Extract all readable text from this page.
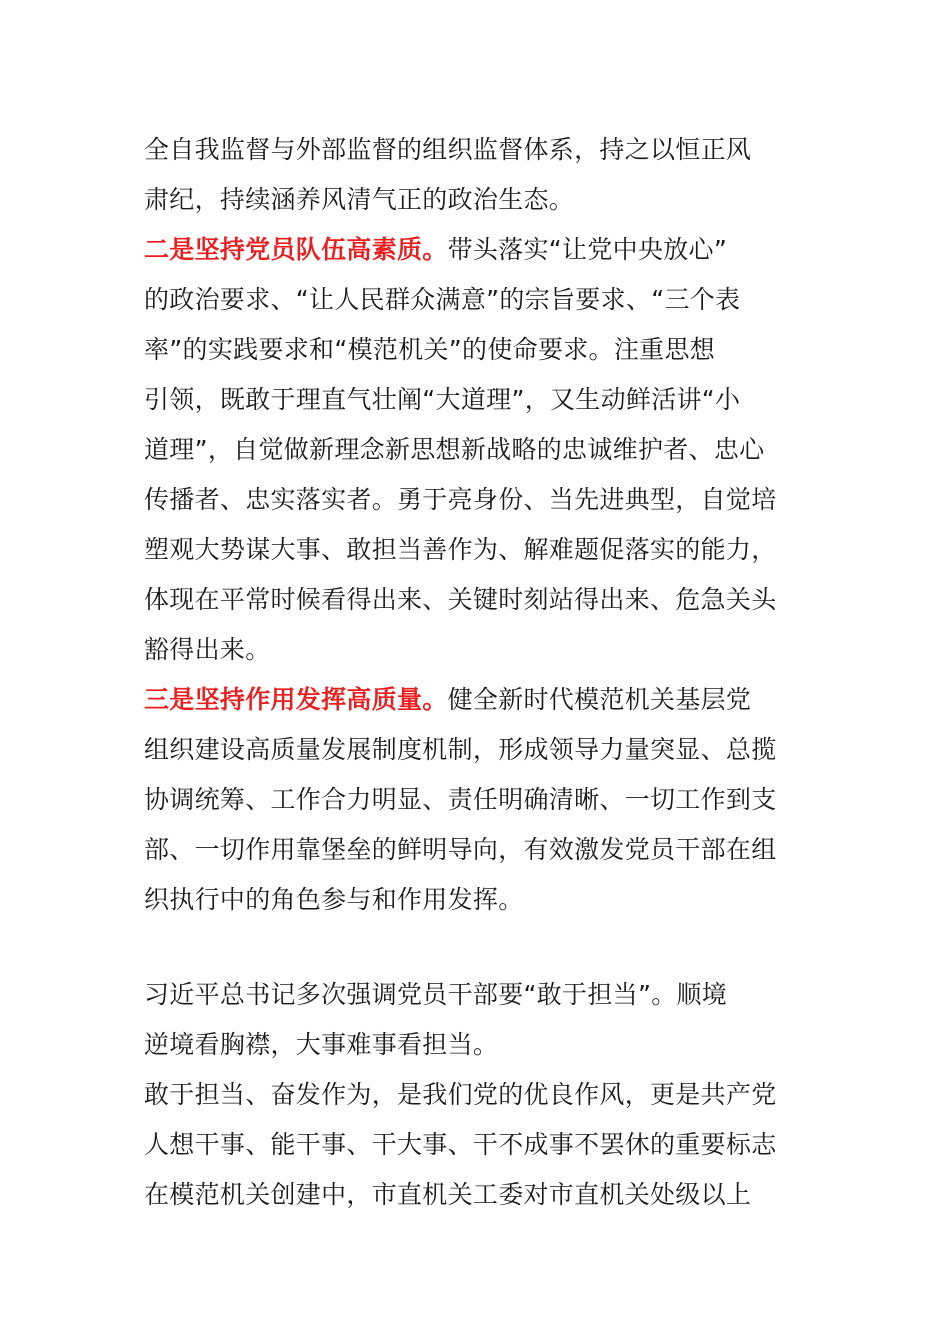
全自我监督与外部监督的组织监督体系，持之以恒正风
肃纪，持续涵养风清气正的政治生态。
二是坚持党员队伍高素质。带头落实“让党中央放心”
的政治要求、“让人民群众满意”的宗旨要求、“三个表
率”的实践要求和“模范机关”的使命要求。注重思想
引领，既敢于理直气壮阐“大道理”，又生动鲜活讲“小
道理”，自觉做新理念新思想新战略的忠诚维护者、忠心
传播者、忠实落实者。勇于亮身份、当先进典型，自觉培
塑观大势谋大事、敢担当善作为、解难题促落实的能力，
体现在平常时候看得出来、关键时刻站得出来、危急关头
豁得出来。
三是坚持作用发挥高质量。健全新时代模范机关基层党
组织建设高质量发展制度机制，形成领导力量突显、总揽
协调统筹、工作合力明显、责任明确清晰、一切工作到支
部、一切作用靠堡垒的鲜明导向，有效激发党员干部在组
织执行中的角色参与和作用发挥。
习近平总书记多次强调党员干部要“敢于担当”。顺境
逆境看胸襟，大事难事看担当。
敢于担当、奋发作为，是我们党的优良作风，更是共产党
人想干事、能干事、干大事、干不成事不罢休的重要标志
在模范机关创建中，市直机关工委对市直机关处级以上
